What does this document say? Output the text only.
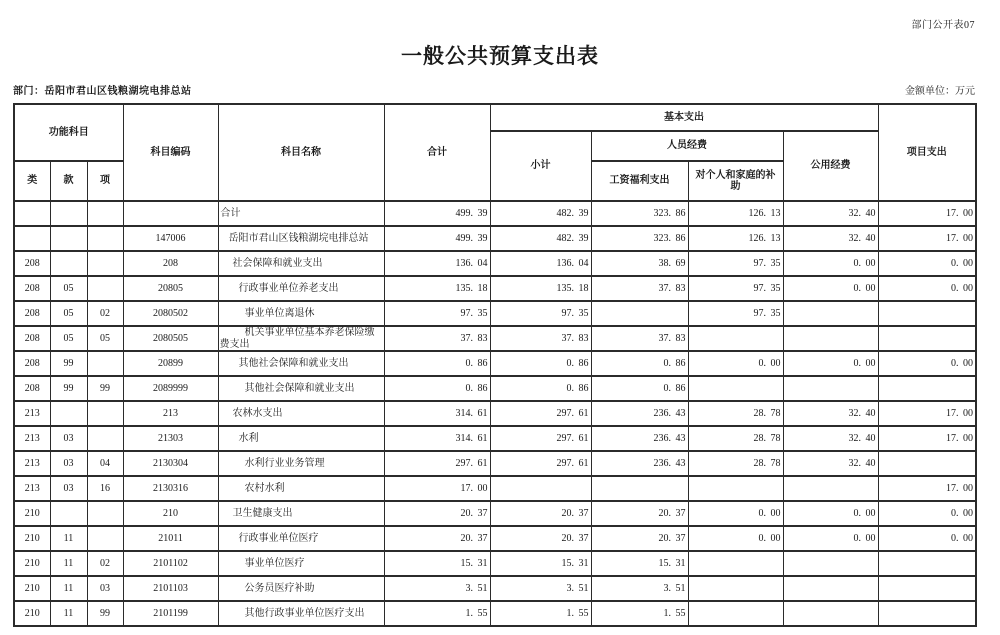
部门公开表07
一般公共预算支出表
部门：岳阳市君山区钱粮湖垸电排总站	金额单位：万元
功能科目			科目编码	科目名称	合计	基本支出				项目支出
						小计	人员经费		公用经费	
类	款	项					工资福利支出	对个人和家庭的补助		
				合计	499.  39	482.  39	323.  86	126.  13	32.  40	17.  00
			147006	岳阳市君山区钱粮湖垸电排总站	499.  39	482.  39	323.  86	126.  13	32.  40	17.  00
208			208	社会保障和就业支出	136.  04	136.  04	38.  69	97.  35	0.  00	0.  00
208	05		20805	行政事业单位养老支出	135.  18	135.  18	37.  83	97.  35	0.  00	0.  00
208	05	02	2080502	事业单位离退休	97.  35	97.  35		97.  35		
208	05	05	2080505	机关事业单位基本养老保险缴费支出	37.  83	37.  83	37.  83			
208	99		20899	其他社会保障和就业支出	0.  86	0.  86	0.  86	0.  00	0.  00	0.  00
208	99	99	2089999	其他社会保障和就业支出	0.  86	0.  86	0.  86			
213			213	农林水支出	314.  61	297.  61	236.  43	28.  78	32.  40	17.  00
213	03		21303	水利	314.  61	297.  61	236.  43	28.  78	32.  40	17.  00
213	03	04	2130304	水利行业业务管理	297.  61	297.  61	236.  43	28.  78	32.  40	
213	03	16	2130316	农村水利	17.  00					17.  00
210			210	卫生健康支出	20.  37	20.  37	20.  37	0.  00	0.  00	0.  00
210	11		21011	行政事业单位医疗	20.  37	20.  37	20.  37	0.  00	0.  00	0.  00
210	11	02	2101102	事业单位医疗	15.  31	15.  31	15.  31			
210	11	03	2101103	公务员医疗补助	3.  51	3.  51	3.  51			
210	11	99	2101199	其他行政事业单位医疗支出	1.  55	1.  55	1.  55			
